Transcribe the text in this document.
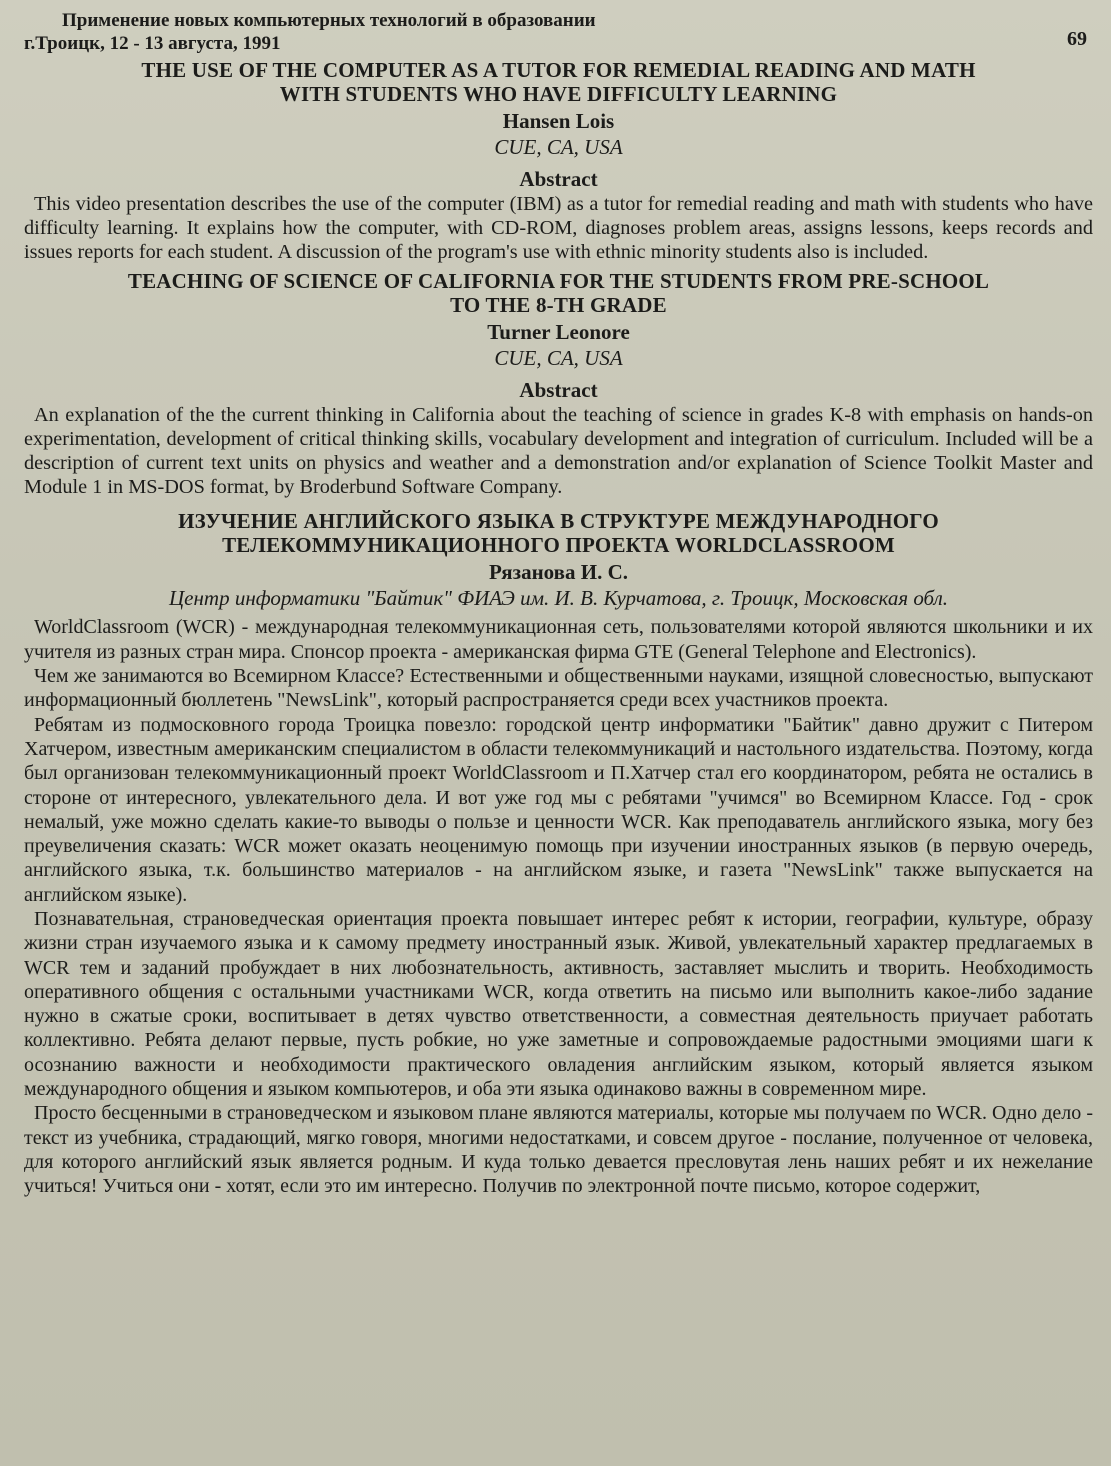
Применение новых компьютерных технологий в образовании
г.Троицк, 12 - 13 августа, 1991	69
THE USE OF THE COMPUTER AS A TUTOR FOR REMEDIAL READING AND MATH
WITH STUDENTS WHO HAVE DIFFICULTY LEARNING
Hansen Lois
CUE, CA, USA
Abstract

This video presentation describes the use of the computer (IBM) as a tutor for remedial reading and math with students who have difficulty learning. It explains how the computer, with CD-ROM, diagnoses problem areas, assigns lessons, keeps records and issues reports for each student. A discussion of the program's use with ethnic minority students also is included.

TEACHING OF SCIENCE OF CALIFORNIA FOR THE STUDENTS FROM PRE-SCHOOL
TO THE 8-TH GRADE
Turner Leonore
CUE, CA, USA
Abstract

An explanation of the the current thinking in California about the teaching of science in grades K-8 with emphasis on hands-on experimentation, development of critical thinking skills, vocabulary development and integration of curriculum. Included will be a description of current text units on physics and weather and a demonstration and/or explanation of Science Toolkit Master and Module 1 in MS-DOS format, by Broderbund Software Company.

ИЗУЧЕНИЕ АНГЛИЙСКОГО ЯЗЫКА В СТРУКТУРЕ МЕЖДУНАРОДНОГО
ТЕЛЕКОММУНИКАЦИОННОГО ПРОЕКТА WORLDCLASSROOM
Рязанова И. С.
Центр информатики "Байтик" ФИАЭ им. И. В. Курчатова, г. Троицк, Московская обл.

WorldClassroom (WCR) - международная телекоммуникационная сеть, пользователями которой являются школьники и их учителя из разных стран мира. Спонсор проекта - американская фирма GTE (General Telephone and Electronics).

Чем же занимаются во Всемирном Классе? Естественными и общественными науками, изящной словесностью, выпускают информационный бюллетень "NewsLink", который распространяется среди всех участников проекта.

Ребятам из подмосковного города Троицка повезло: городской центр информатики "Байтик" давно дружит с Питером Хатчером, известным американским специалистом в области телекоммуникаций и настольного издательства. Поэтому, когда был организован телекоммуникационный проект WorldClassroom и П.Хатчер стал его координатором, ребята не остались в стороне от интересного, увлекательного дела. И вот уже год мы с ребятами "учимся" во Всемирном Классе. Год - срок немалый, уже можно сделать какие-то выводы о пользе и ценности WCR. Как преподаватель английского языка, могу без преувеличения сказать: WCR может оказать неоценимую помощь при изучении иностранных языков (в первую очередь, английского языка, т.к. большинство материалов - на английском языке, и газета "NewsLink" также выпускается на английском языке).

Познавательная, страноведческая ориентация проекта повышает интерес ребят к истории, географии, культуре, образу жизни стран изучаемого языка и к самому предмету иностранный язык. Живой, увлекательный характер предлагаемых в WCR тем и заданий пробуждает в них любознательность, активность, заставляет мыслить и творить. Необходимость оперативного общения с остальными участниками WCR, когда ответить на письмо или выполнить какое-либо задание нужно в сжатые сроки, воспитывает в детях чувство ответственности, а совместная деятельность приучает работать коллективно. Ребята делают первые, пусть робкие, но уже заметные и сопровождаемые радостными эмоциями шаги к осознанию важности и необходимости практического овладения английским языком, который является языком международного общения и языком компьютеров, и оба эти языка одинаково важны в современном мире.

Просто бесценными в страноведческом и языковом плане являются материалы, которые мы получаем по WCR. Одно дело - текст из учебника, страдающий, мягко говоря, многими недостатками, и совсем другое - послание, полученное от человека, для которого английский язык является родным. И куда только девается пресловутая лень наших ребят и их нежелание учиться! Учиться они - хотят, если это им интересно. Получив по электронной почте письмо, которое содержит,
